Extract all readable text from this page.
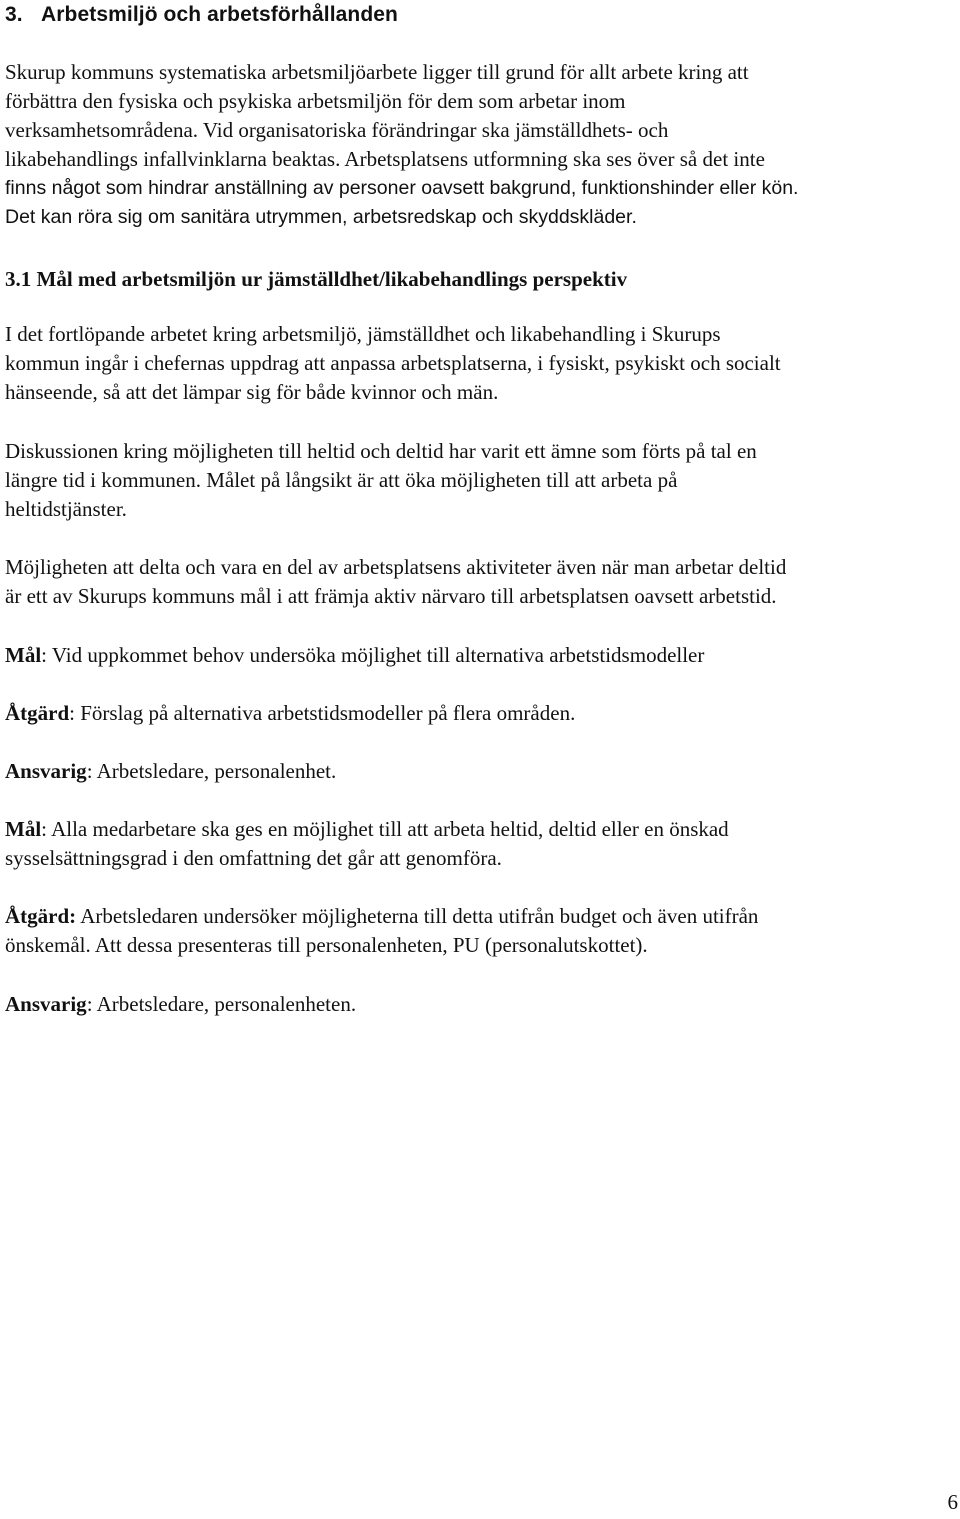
3. Arbetsmiljö och arbetsförhållanden
Skurup kommuns systematiska arbetsmiljöarbete ligger till grund för allt arbete kring att
förbättra den fysiska och psykiska arbetsmiljön för dem som arbetar inom
verksamhetsområdena. Vid organisatoriska förändringar ska jämställdhets- och
likabehandlings infallvinklarna beaktas. Arbetsplatsens utformning ska ses över så det inte
finns något som hindrar anställning av personer oavsett bakgrund, funktionshinder eller kön.
Det kan röra sig om sanitära utrymmen, arbetsredskap och skyddskläder.
3.1 Mål med arbetsmiljön ur jämställdhet/likabehandlings perspektiv
I det fortlöpande arbetet kring arbetsmiljö, jämställdhet och likabehandling i Skurups
kommun ingår i chefernas uppdrag att anpassa arbetsplatserna, i fysiskt, psykiskt och socialt
hänseende, så att det lämpar sig för både kvinnor och män.
Diskussionen kring möjligheten till heltid och deltid har varit ett ämne som förts på tal en
längre tid i kommunen. Målet på långsikt är att öka möjligheten till att arbeta på
heltidstjänster.
Möjligheten att delta och vara en del av arbetsplatsens aktiviteter även när man arbetar deltid
är ett av Skurups kommuns mål i att främja aktiv närvaro till arbetsplatsen oavsett arbetstid.
Mål: Vid uppkommet behov undersöka möjlighet till alternativa arbetstidsmodeller
Åtgärd: Förslag på alternativa arbetstidsmodeller på flera områden.
Ansvarig: Arbetsledare, personalenhet.
Mål: Alla medarbetare ska ges en möjlighet till att arbeta heltid, deltid eller en önskad
sysselsättningsgrad i den omfattning det går att genomföra.
Åtgärd: Arbetsledaren undersöker möjligheterna till detta utifrån budget och även utifrån
önskemål. Att dessa presenteras till personalenheten, PU (personalutskottet).
Ansvarig: Arbetsledare, personalenheten.
6
